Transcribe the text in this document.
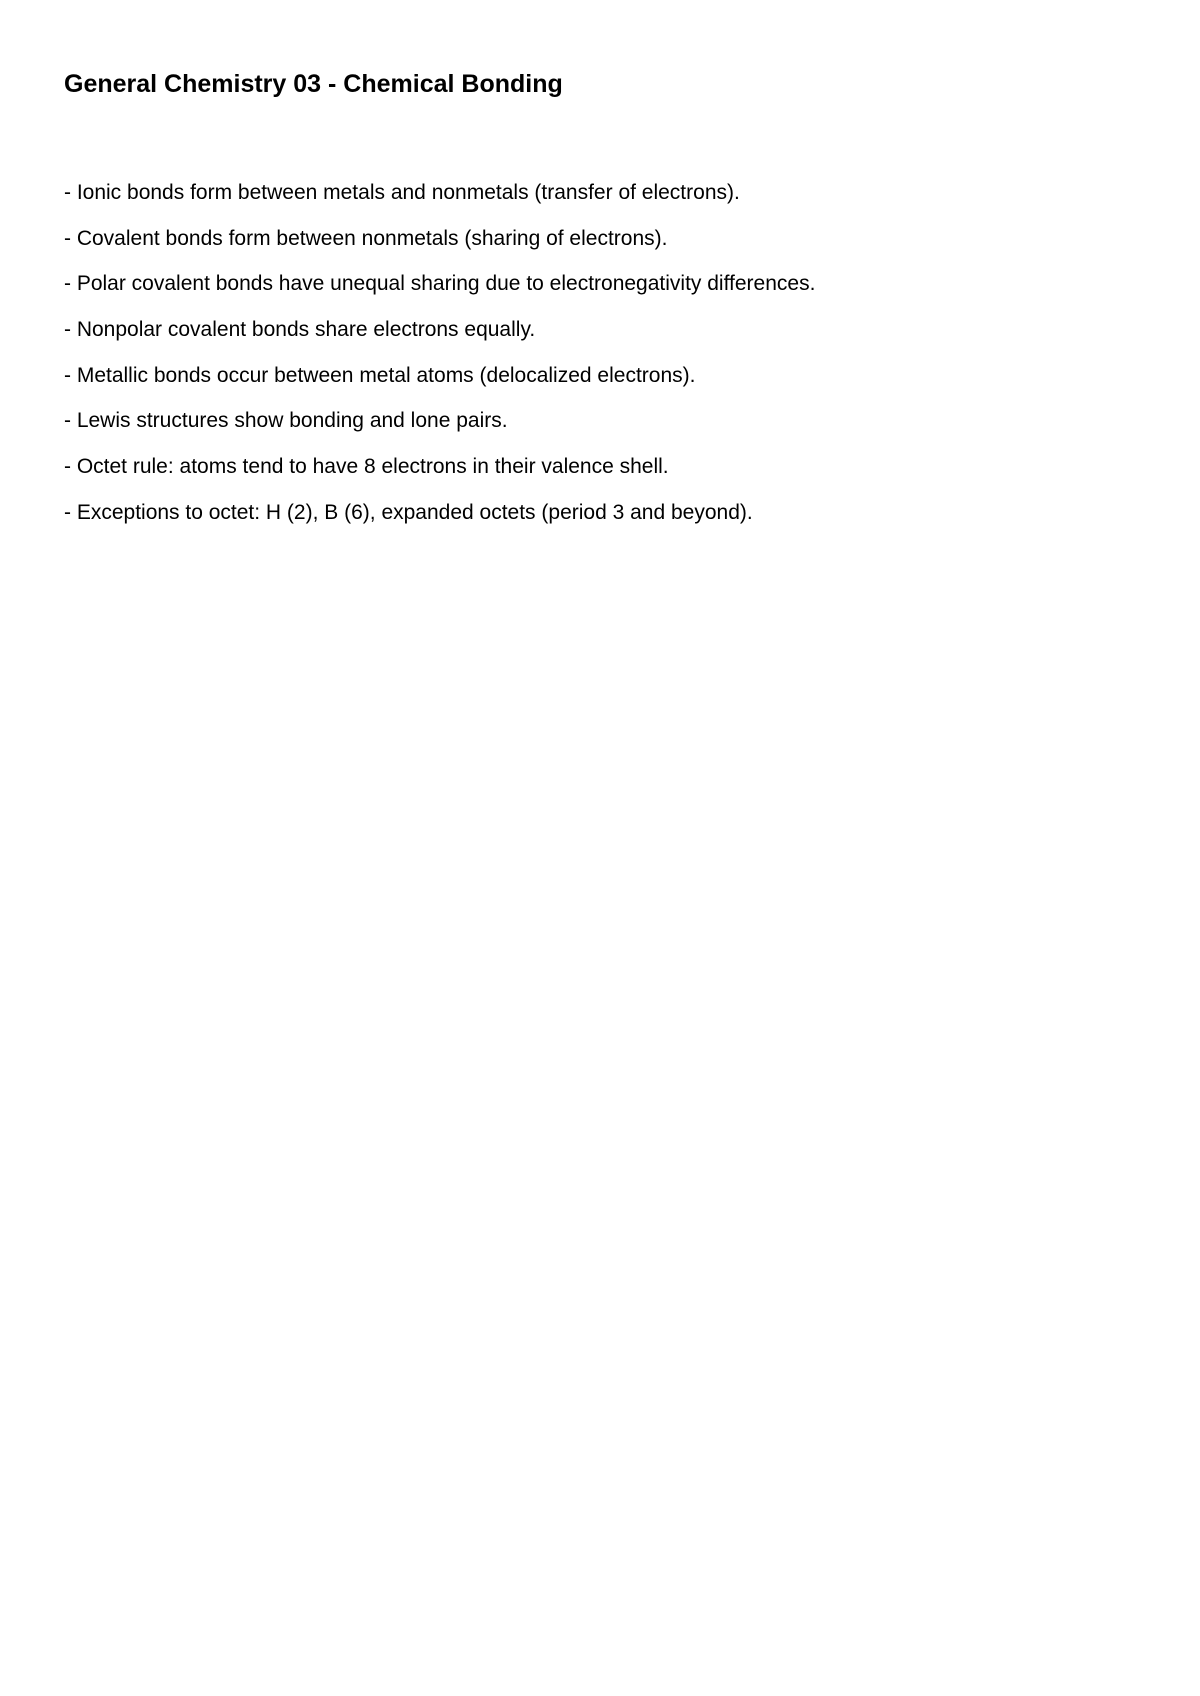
General Chemistry 03 - Chemical Bonding
- Ionic bonds form between metals and nonmetals (transfer of electrons).
- Covalent bonds form between nonmetals (sharing of electrons).
- Polar covalent bonds have unequal sharing due to electronegativity differences.
- Nonpolar covalent bonds share electrons equally.
- Metallic bonds occur between metal atoms (delocalized electrons).
- Lewis structures show bonding and lone pairs.
- Octet rule: atoms tend to have 8 electrons in their valence shell.
- Exceptions to octet: H (2), B (6), expanded octets (period 3 and beyond).
